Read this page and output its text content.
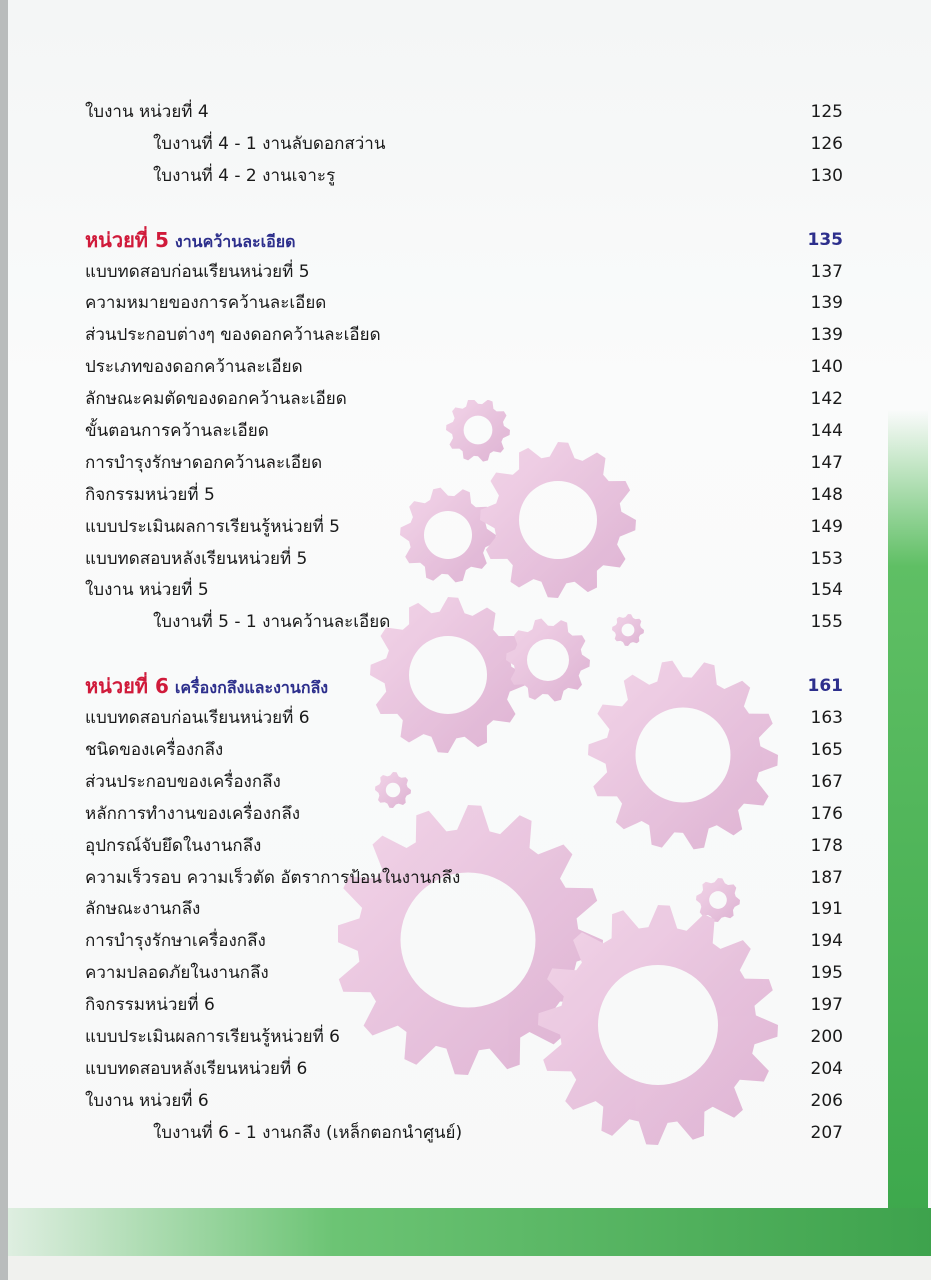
ใบงาน หน่วยที่ 4	125
ใบงานที่ 4 - 1 งานลับดอกสว่าน	126
ใบงานที่ 4 - 2 งานเจาะรู	130
หน่วยที่ 5 งานคว้านละเอียด	135
แบบทดสอบก่อนเรียนหน่วยที่ 5	137
ความหมายของการคว้านละเอียด	139
ส่วนประกอบต่างๆ ของดอกคว้านละเอียด	139
ประเภทของดอกคว้านละเอียด	140
ลักษณะคมตัดของดอกคว้านละเอียด	142
ขั้นตอนการคว้านละเอียด	144
การบำรุงรักษาดอกคว้านละเอียด	147
กิจกรรมหน่วยที่ 5	148
แบบประเมินผลการเรียนรู้หน่วยที่ 5	149
แบบทดสอบหลังเรียนหน่วยที่ 5	153
ใบงาน หน่วยที่ 5	154
ใบงานที่ 5 - 1 งานคว้านละเอียด	155
หน่วยที่ 6 เครื่องกลึงและงานกลึง	161
แบบทดสอบก่อนเรียนหน่วยที่ 6	163
ชนิดของเครื่องกลึง	165
ส่วนประกอบของเครื่องกลึง	167
หลักการทำงานของเครื่องกลึง	176
อุปกรณ์จับยึดในงานกลึง	178
ความเร็วรอบ ความเร็วตัด อัตราการป้อนในงานกลึง	187
ลักษณะงานกลึง	191
การบำรุงรักษาเครื่องกลึง	194
ความปลอดภัยในงานกลึง	195
กิจกรรมหน่วยที่ 6	197
แบบประเมินผลการเรียนรู้หน่วยที่ 6	200
แบบทดสอบหลังเรียนหน่วยที่ 6	204
ใบงาน หน่วยที่ 6	206
ใบงานที่ 6 - 1 งานกลึง (เหล็กตอกนำศูนย์)	207
